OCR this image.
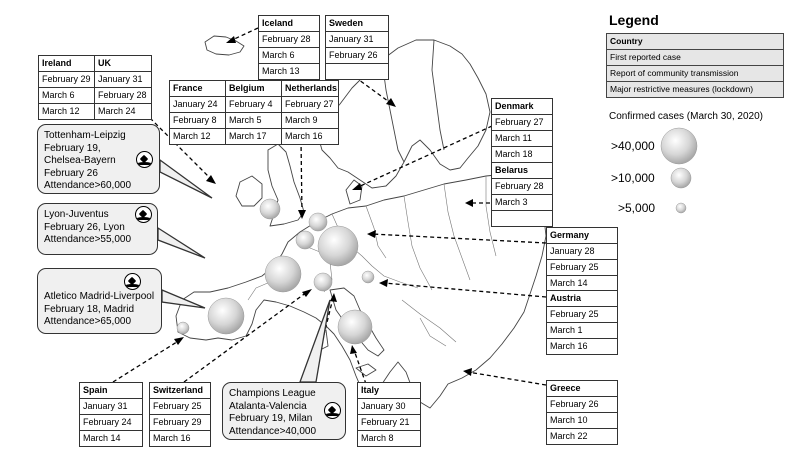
Ireland
February 29
March 6
March 12
UK
January 31
February 28
March 24
Iceland
February 28
March 6
March 13
Sweden
January 31
February 26
France
January 24
February 8
March 12
Belgium
February 4
March 5
March 17
Netherlands
February 27
March 9
March 16
Denmark
February 27
March 11
March 18
Belarus
February 28
March 3
Germany
January 28
February 25
March 14
Austria
February 25
March 1
March 16
Greece
February 26
March 10
March 22
Spain
January 31
February 24
March 14
Switzerland
February 25
February 29
March 16
Italy
January 30
February 21
March 8
Tottenham-Leipzig
February 19,
Chelsea-Bayern
February 26
Attendance>60,000
Lyon-Juventus
February 26, Lyon
Attendance>55,000
Atletico Madrid-Liverpool
February 18, Madrid
Attendance>65,000
Champions League
Atalanta-Valencia
February 19, Milan
Attendance>40,000
Legend
Country
First reported case
Report of community transmission
Major restrictive measures (lockdown)
Confirmed cases (March 30, 2020)
>40,000
>10,000
>5,000
